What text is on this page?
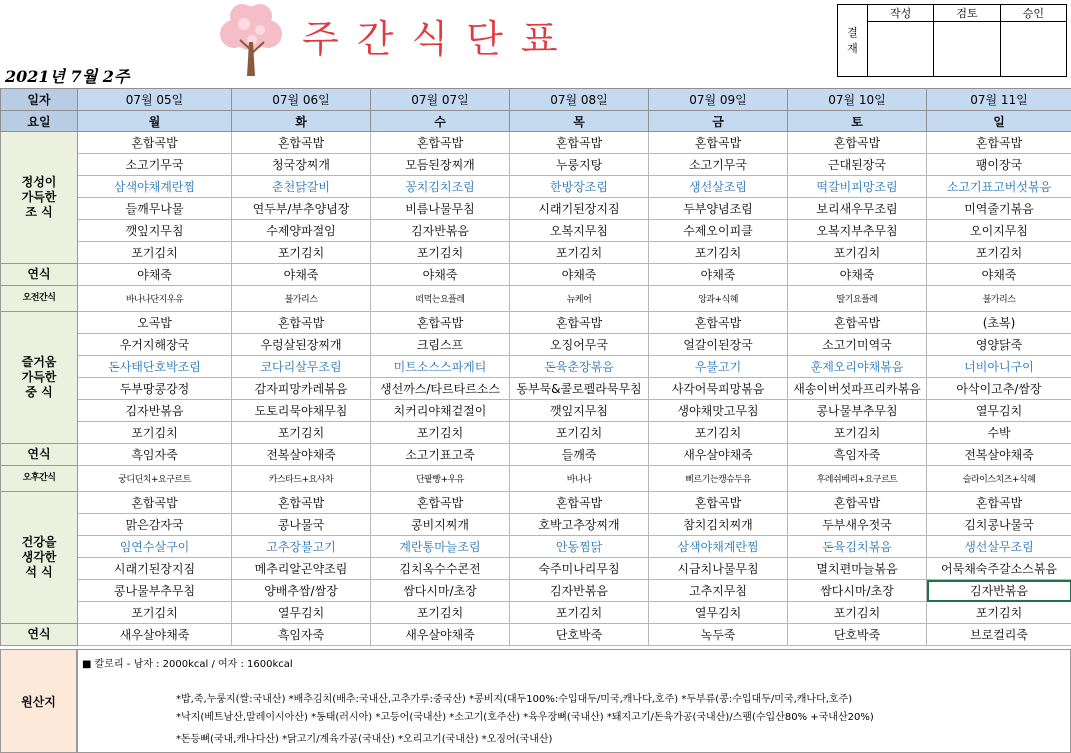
주간식단표
2021년 7월 2주
결
재	작성	검토	승인

일자	07월 05일	07월 06일	07월 07일	07월 08일	07월 09일	07월 10일	07월 11일
요일	월	화	수	목	금	토	일

정성이
가득한
조 식	혼합곡밥	혼합곡밥	혼합곡밥	혼합곡밥	혼합곡밥	혼합곡밥	혼합곡밥
	소고기무국	청국장찌개	모듬된장찌개	누룽지탕	소고기무국	근대된장국	팽이장국
	삼색야채계란찜	춘천닭갈비	꽁치김치조림	한방장조림	생선살조림	떡갈비피망조림	소고기표고버섯볶음
	들깨무나물	연두부/부추양념장	비름나물무침	시래기된장지짐	두부양념조림	보리새우무조림	미역줄기볶음
	깻잎지무침	수제양파절임	김자반볶음	오복지무침	수제오이피클	오복지부추무침	오이지무침
	포기김치	포기김치	포기김치	포기김치	포기김치	포기김치	포기김치
연식	야채죽	야채죽	야채죽	야채죽	야채죽	야채죽	야채죽
오전간식	바나나단지우유	불가리스	떠먹는요플레	뉴케어	앙과+식혜	딸기요플레	불가리스

즐거움
가득한
중 식	오곡밥	혼합곡밥	혼합곡밥	혼합곡밥	혼합곡밥	혼합곡밥	(초복)
	우거지해장국	우렁살된장찌개	크림스프	오징어무국	얼갈이된장국	소고기미역국	영양닭죽
	돈사태단호박조림	코다리살무조림	미트소스스파게티	돈육춘장볶음	우불고기	훈제오리야채볶음	너비아니구이
	두부땅콩강정	감자피망카레볶음	생선까스/타르타르소스	동부묵&콜로펠라묵무침	사각어묵피망볶음	새송이버섯파프리카볶음	아삭이고추/쌈장
	김자반볶음	도토리묵야채무침	치커리야채겉절이	깻잎지무침	생야채맛고무침	콩나물부추무침	열무김치
	포기김치	포기김치	포기김치	포기김치	포기김치	포기김치	수박
연식	흑임자죽	전복살야채죽	소고기표고죽	들깨죽	새우살야채죽	흑임자죽	전복살야채죽
오후간식	궁디딘치+요구르트	카스타드+요사차	단팥빵+우유	바나나	삐르기는캥슈두유	후레쉬베리+요구르트	슬라이스치즈+식혜

건강을
생각한
석 식	혼합곡밥	혼합곡밥	혼합곡밥	혼합곡밥	혼합곡밥	혼합곡밥	혼합곡밥
	맑은감자국	콩나물국	콩비지찌개	호박고추장찌개	참치김치찌개	두부새우젓국	김치콩나물국
	임연수살구이	고추장불고기	계란통마늘조림	안동찜닭	삼색야채계란찜	돈육김치볶음	생선살무조림
	시래기된장지짐	메추리알곤약조림	김치옥수수콘전	숙주미나리무침	시금치나물무침	멸치편마늘볶음	어묵채숙주갈소스볶음
	콩나물부추무침	양배추쌈/쌈장	쌈다시마/초장	김자반볶음	고추지무침	쌈다시마/초장	김자반볶음
	포기김치	열무김치	포기김치	포기김치	열무김치	포기김치	포기김치
연식	새우살야채죽	흑임자죽	새우살야채죽	단호박죽	녹두죽	단호박죽	브로컬리죽
원산지
■ 칼로리 - 남자 : 2000kcal / 여자 : 1600kcal
*밥,죽,누룽지(쌀:국내산) *배추김치(배추:국내산,고추가루:중국산) *콩비지(대두100%:수입대두/미국,캐나다,호주) *두부류(콩:수입대두/미국,캐나다,호주)
*낙지(베트남산,말레이시아산) *동태(러시아) *고등어(국내산) *소고기(호주산) *육우장뼈(국내산) *돼지고기/돈육가공(국내산)/스팸(수입산80% +국내산20%)
*돈등뼈(국내,캐나다산) *닭고기/계육가공(국내산) *오리고기(국내산) *오징어(국내산)
